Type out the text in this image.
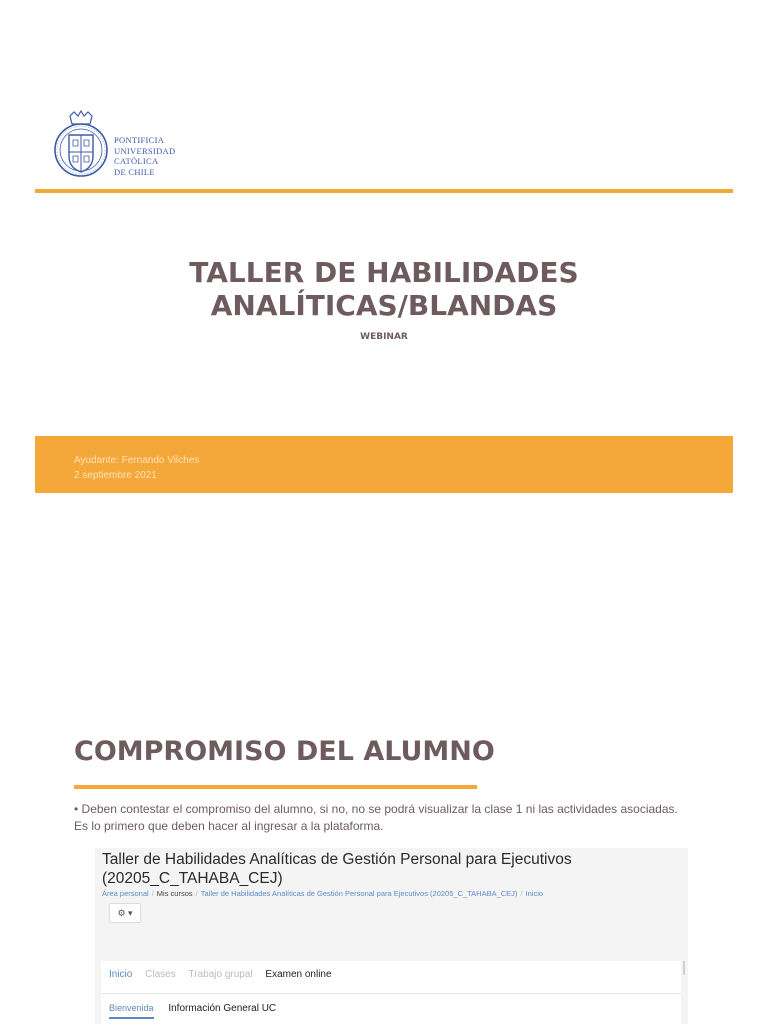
PONTIFICIA
UNIVERSIDAD
CATÓLICA
DE CHILE
TALLER DE HABILIDADES
ANALÍTICAS/BLANDAS
WEBINAR
Ayudante: Fernando Vilches
2 septiembre 2021
COMPROMISO DEL ALUMNO
• Deben contestar el compromiso del alumno, si no, no se podrá visualizar la clase 1 ni las actividades asociadas. Es lo primero que deben hacer al ingresar a la plataforma.
Taller de Habilidades Analíticas de Gestión Personal para Ejecutivos (20205_C_TAHABA_CEJ)
Área personal / Mis cursos / Taller de Habilidades Analíticas de Gestión Personal para Ejecutivos (20205_C_TAHABA_CEJ) / Inicio
⚙ ▾
Inicio Clases Trabajo grupal Examen online
Bienvenida Información General UC
